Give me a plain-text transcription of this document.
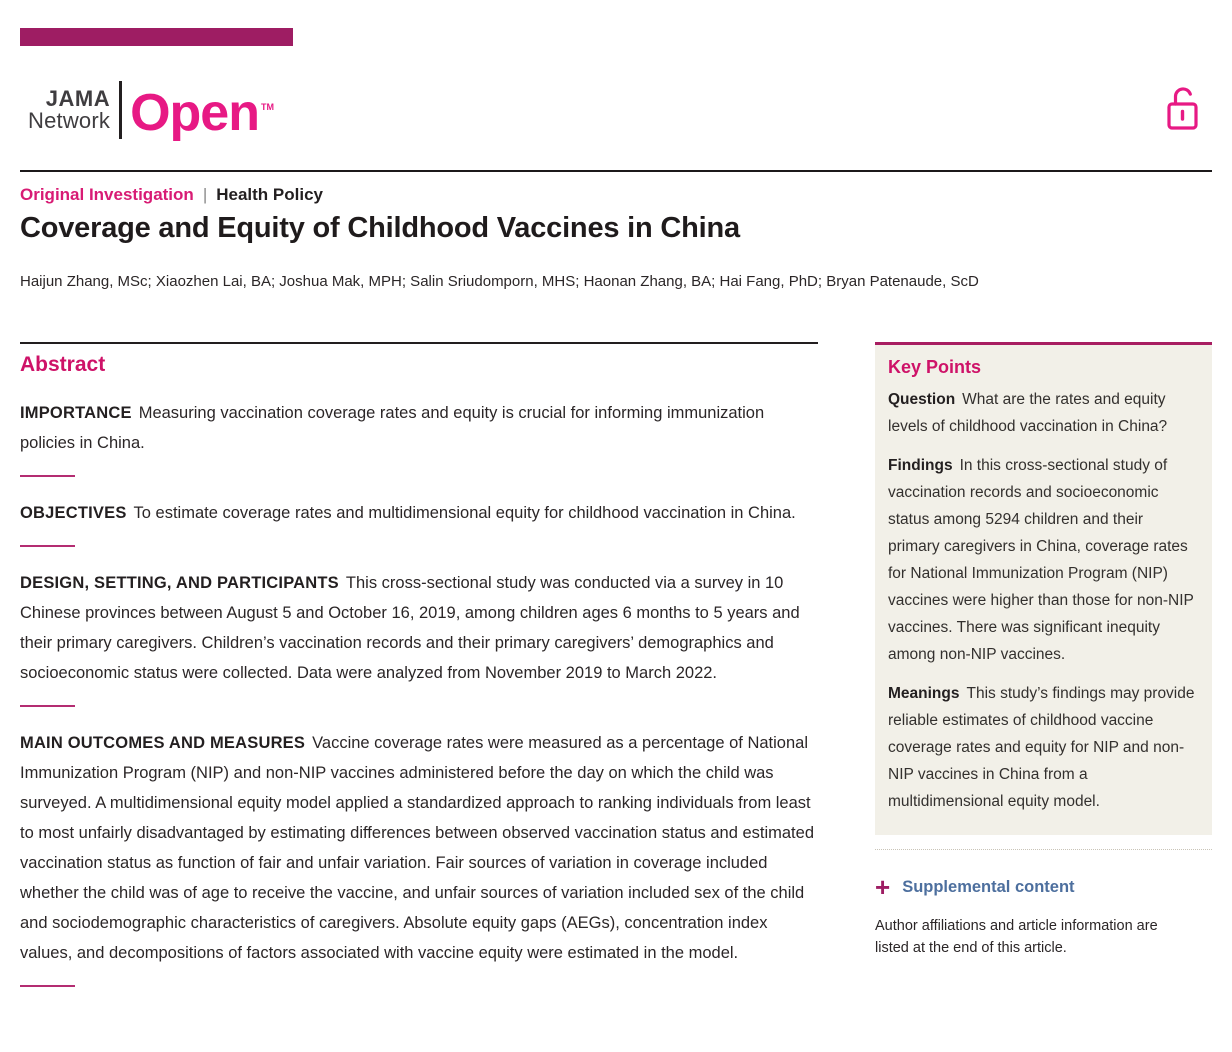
JAMA
Network Open TM
Original Investigation | Health Policy
Coverage and Equity of Childhood Vaccines in China
Haijun Zhang, MSc; Xiaozhen Lai, BA; Joshua Mak, MPH; Salin Sriudomporn, MHS; Haonan Zhang, BA; Hai Fang, PhD; Bryan Patenaude, ScD
Abstract

IMPORTANCE Measuring vaccination coverage rates and equity is crucial for informing immunization policies in China.

OBJECTIVES To estimate coverage rates and multidimensional equity for childhood vaccination in China.

DESIGN, SETTING, AND PARTICIPANTS This cross-sectional study was conducted via a survey in 10 Chinese provinces between August 5 and October 16, 2019, among children ages 6 months to 5 years and their primary caregivers. Children’s vaccination records and their primary caregivers’ demographics and socioeconomic status were collected. Data were analyzed from November 2019 to March 2022.

MAIN OUTCOMES AND MEASURES Vaccine coverage rates were measured as a percentage of National Immunization Program (NIP) and non-NIP vaccines administered before the day on which the child was surveyed. A multidimensional equity model applied a standardized approach to ranking individuals from least to most unfairly disadvantaged by estimating differences between observed vaccination status and estimated vaccination status as function of fair and unfair variation. Fair sources of variation in coverage included whether the child was of age to receive the vaccine, and unfair sources of variation included sex of the child and sociodemographic characteristics of caregivers. Absolute equity gaps (AEGs), concentration index values, and decompositions of factors associated with vaccine equity were estimated in the model.

Key Points

Question What are the rates and equity levels of childhood vaccination in China?

Findings In this cross-sectional study of vaccination records and socioeconomic status among 5294 children and their primary caregivers in China, coverage rates for National Immunization Program (NIP) vaccines were higher than those for non-NIP vaccines. There was significant inequity among non-NIP vaccines.

Meanings This study’s findings may provide reliable estimates of childhood vaccine coverage rates and equity for NIP and non-NIP vaccines in China from a multidimensional equity model.

+ Supplemental content
Author affiliations and article information are listed at the end of this article.
